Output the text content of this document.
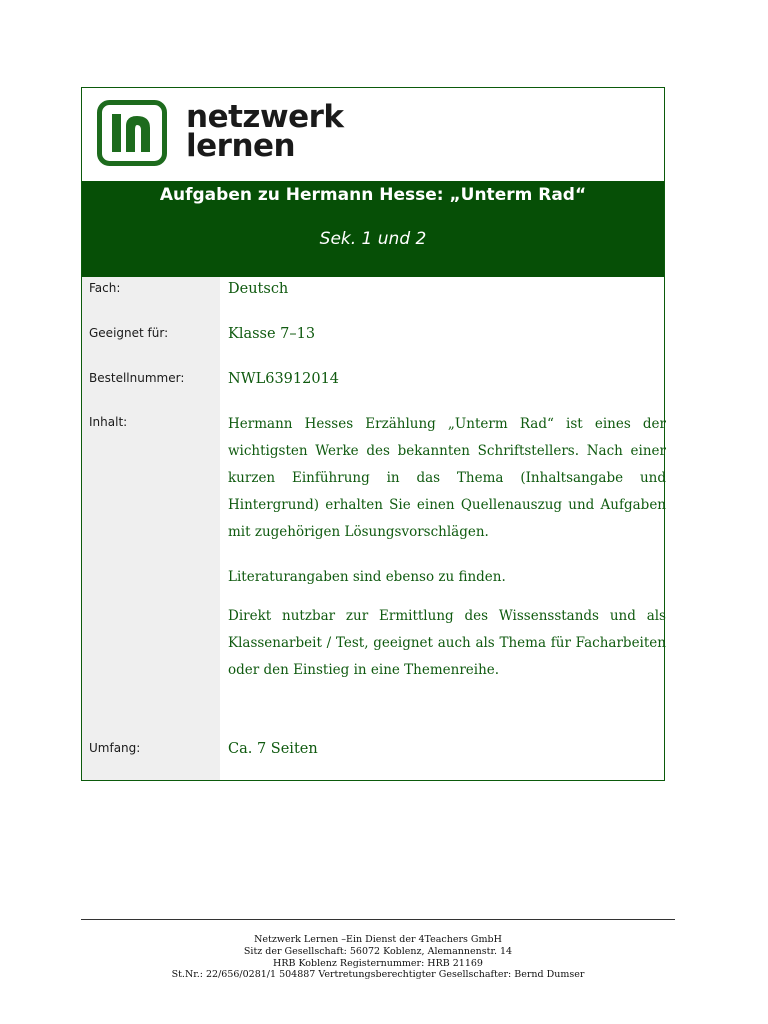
netzwerk
lernen
Aufgaben zu Hermann Hesse: „Unterm Rad“
Sek. 1 und 2
Fach:	Deutsch
Geeignet für:	Klasse 7–13
Bestellnummer:	NWL63912014
Inhalt:	Hermann Hesses Erzählung „Unterm Rad“ ist eines der wichtigsten Werke des bekannten Schriftstellers. Nach einer kurzen Einführung in das Thema (Inhaltsangabe und Hintergrund) erhalten Sie einen Quellenauszug und Aufgaben mit zugehörigen Lösungsvorschlägen.

Literaturangaben sind ebenso zu finden.

Direkt nutzbar zur Ermittlung des Wissensstands und als Klassenarbeit / Test, geeignet auch als Thema für Facharbeiten oder den Einstieg in eine Themenreihe.

Umfang:	Ca. 7 Seiten
Netzwerk Lernen –Ein Dienst der 4Teachers GmbH
Sitz der Gesellschaft: 56072 Koblenz, Alemannenstr. 14
HRB Koblenz Registernummer: HRB 21169
St.Nr.: 22/656/0281/1 504887 Vertretungsberechtigter Gesellschafter: Bernd Dumser
